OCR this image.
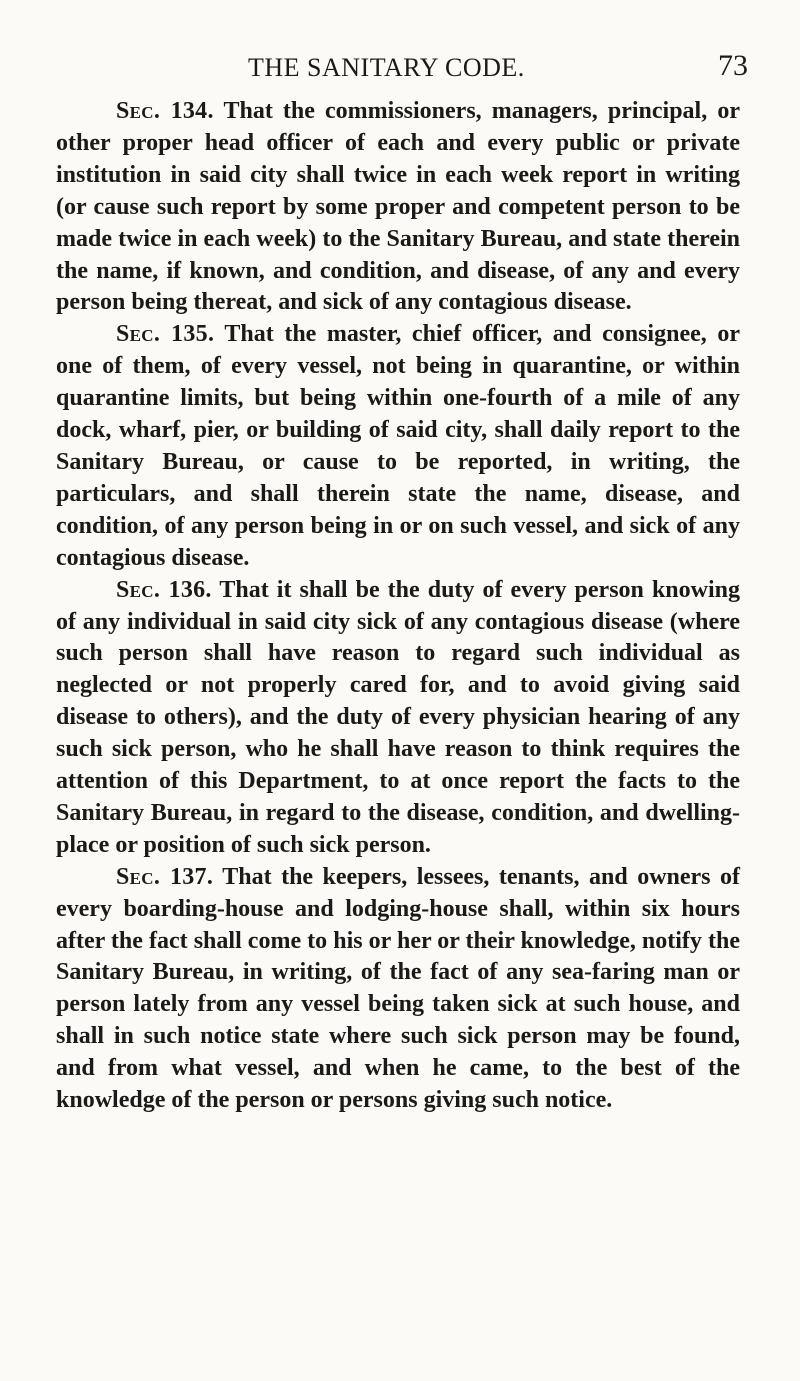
THE SANITARY CODE.	73

Sec. 134. That the commissioners, managers, principal, or other proper head officer of each and every public or private institution in said city shall twice in each week report in writing (or cause such report by some proper and competent person to be made twice in each week) to the Sanitary Bureau, and state therein the name, if known, and condition, and disease, of any and every person being thereat, and sick of any contagious disease.

Sec. 135. That the master, chief officer, and consignee, or one of them, of every vessel, not being in quarantine, or within quarantine limits, but being within one-fourth of a mile of any dock, wharf, pier, or building of said city, shall daily report to the Sanitary Bureau, or cause to be reported, in writing, the particulars, and shall therein state the name, disease, and condition, of any person being in or on such vessel, and sick of any contagious disease.

Sec. 136. That it shall be the duty of every person knowing of any individual in said city sick of any contagious disease (where such person shall have reason to regard such individual as neglected or not properly cared for, and to avoid giving said disease to others), and the duty of every physician hearing of any such sick person, who he shall have reason to think requires the attention of this Department, to at once report the facts to the Sanitary Bureau, in regard to the disease, condition, and dwelling-place or position of such sick person.

Sec. 137. That the keepers, lessees, tenants, and owners of every boarding-house and lodging-house shall, within six hours after the fact shall come to his or her or their knowledge, notify the Sanitary Bureau, in writing, of the fact of any sea-faring man or person lately from any vessel being taken sick at such house, and shall in such notice state where such sick person may be found, and from what vessel, and when he came, to the best of the knowledge of the person or persons giving such notice.
